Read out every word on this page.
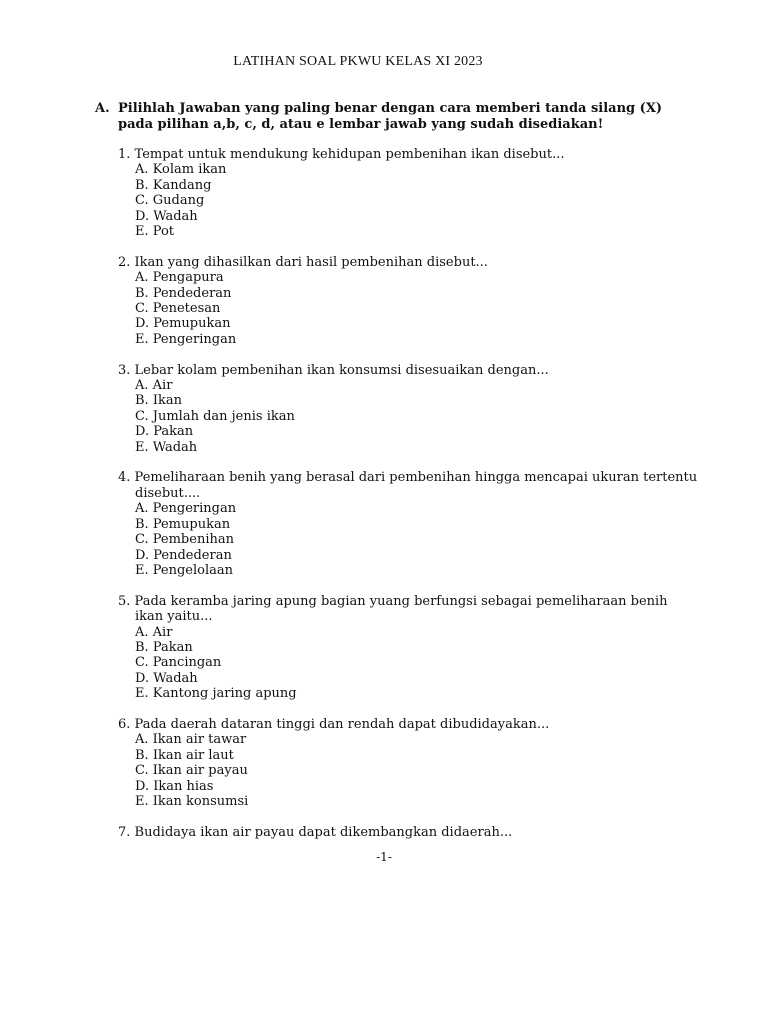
LATIHAN SOAL PKWU KELAS XI 2023
A. Pilihlah Jawaban yang paling benar dengan cara memberi tanda silang (X) pada pilihan a,b, c, d, atau e lembar jawab yang sudah disediakan!
1. Tempat untuk mendukung kehidupan pembenihan ikan disebut...
A. Kolam ikan
B. Kandang
C. Gudang
D. Wadah
E. Pot
2. Ikan yang dihasilkan dari hasil pembenihan disebut...
A. Pengapura
B. Pendederan
C. Penetesan
D. Pemupukan
E. Pengeringan
3. Lebar kolam pembenihan ikan konsumsi disesuaikan dengan...
A. Air
B. Ikan
C. Jumlah dan jenis ikan
D. Pakan
E. Wadah
4. Pemeliharaan benih yang berasal dari pembenihan hingga mencapai ukuran tertentu disebut....
A. Pengeringan
B. Pemupukan
C. Pembenihan
D. Pendederan
E. Pengelolaan
5. Pada keramba jaring apung bagian yuang berfungsi sebagai pemeliharaan benih ikan yaitu...
A. Air
B. Pakan
C. Pancingan
D. Wadah
E. Kantong jaring apung
6. Pada daerah dataran tinggi dan rendah dapat dibudidayakan...
A. Ikan air tawar
B. Ikan air laut
C. Ikan air payau
D. Ikan hias
E. Ikan konsumsi
7. Budidaya ikan air payau dapat dikembangkan didaerah...
-1-
